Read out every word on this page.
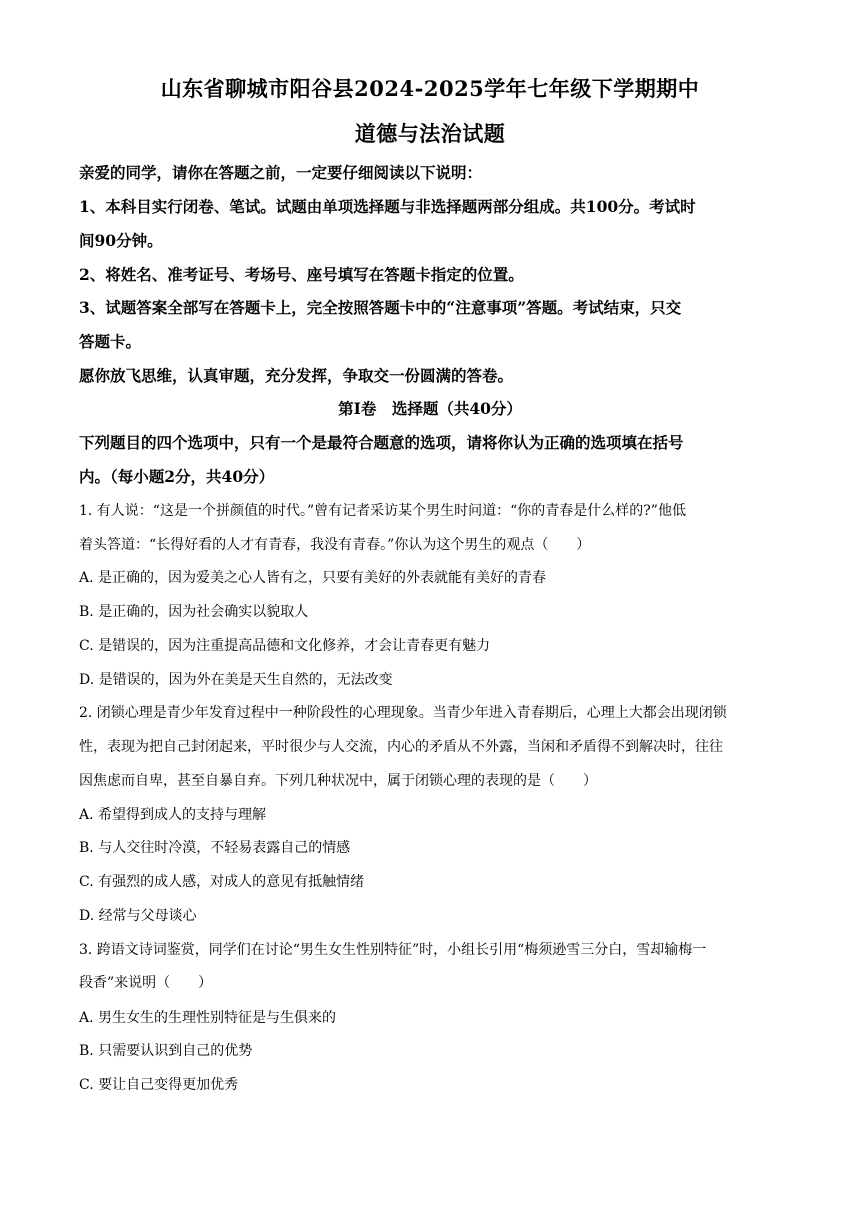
山东省聊城市阳谷县2024-2025学年七年级下学期期中
道德与法治试题
亲爱的同学，请你在答题之前，一定要仔细阅读以下说明：
1、本科目实行闭卷、笔试。试题由单项选择题与非选择题两部分组成。共100分。考试时
间90分钟。
2、将姓名、准考证号、考场号、座号填写在答题卡指定的位置。
3、试题答案全部写在答题卡上，完全按照答题卡中的“注意事项”答题。考试结束，只交
答题卡。
愿你放飞思维，认真审题，充分发挥，争取交一份圆满的答卷。
第Ⅰ卷　选择题（共40分）
下列题目的四个选项中，只有一个是最符合题意的选项，请将你认为正确的选项填在括号
内。（每小题2分，共40分）
1. 有人说：“这是一个拼颜值的时代。”曾有记者采访某个男生时问道：“你的青春是什么样的?”他低
着头答道：“长得好看的人才有青春，我没有青春。”你认为这个男生的观点（　　）
A. 是正确的，因为爱美之心人皆有之，只要有美好的外表就能有美好的青春
B. 是正确的，因为社会确实以貌取人
C. 是错误的，因为注重提高品德和文化修养，才会让青春更有魅力
D. 是错误的，因为外在美是天生自然的，无法改变
2. 闭锁心理是青少年发育过程中一种阶段性的心理现象。当青少年进入青春期后，心理上大都会出现闭锁
性，表现为把自己封闭起来，平时很少与人交流，内心的矛盾从不外露，当闲和矛盾得不到解决时，往往
因焦虑而自卑，甚至自暴自弃。下列几种状况中，属于闭锁心理的表现的是（　　）
A. 希望得到成人的支持与理解
B. 与人交往时冷漠，不轻易表露自己的情感
C. 有强烈的成人感，对成人的意见有抵触情绪
D. 经常与父母谈心
3. 跨语文诗词鉴赏，同学们在讨论“男生女生性别特征”时，小组长引用“梅须逊雪三分白，雪却输梅一
段香”来说明（　　）
A. 男生女生的生理性别特征是与生俱来的
B. 只需要认识到自己的优势
C. 要让自己变得更加优秀
